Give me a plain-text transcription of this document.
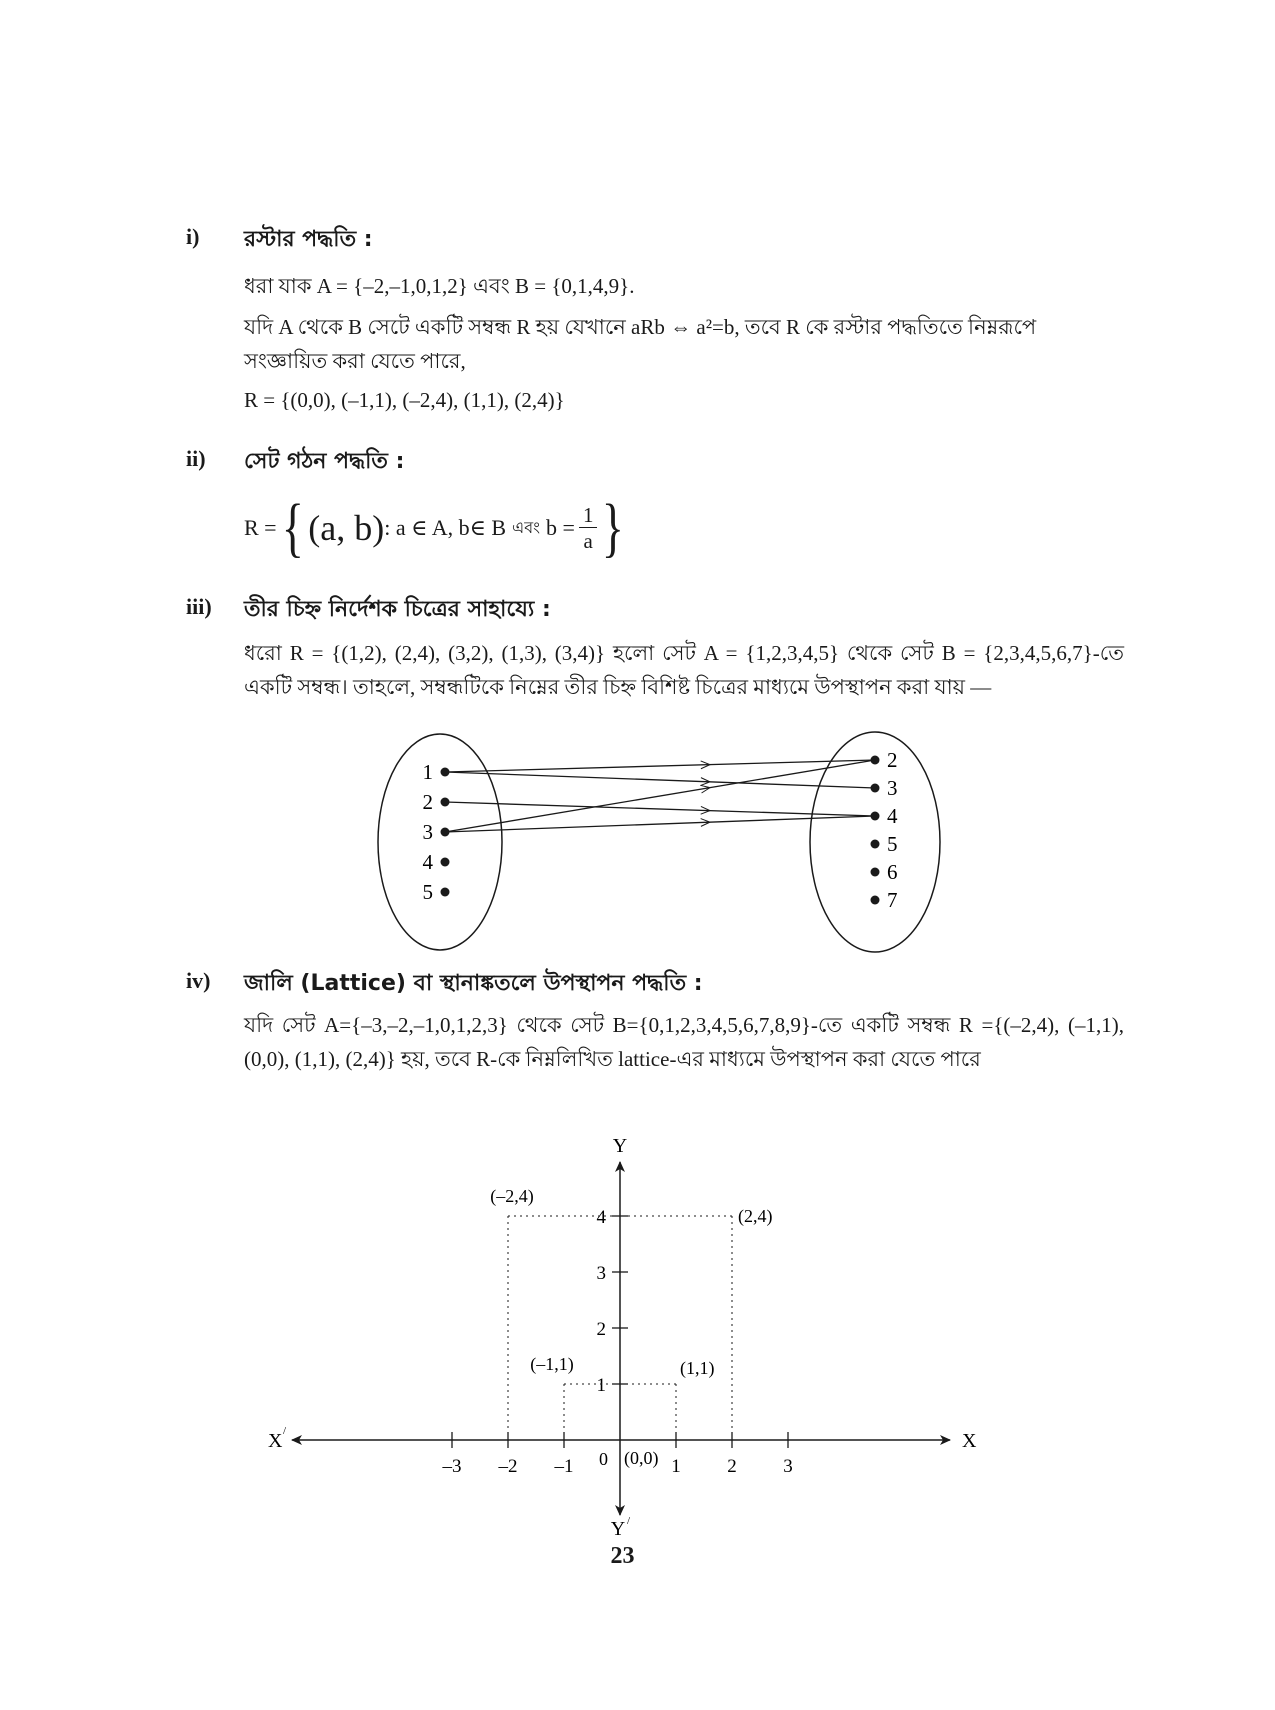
i) রস্টার পদ্ধতি :
ধরা যাক A = {–2,–1,0,1,2} এবং B = {0,1,4,9}.
যদি A থেকে B সেটে একটি সম্বন্ধ R হয় যেখানে aRb ⇔ a²=b, তবে R কে রস্টার পদ্ধতিতে নিম্নরূপে সংজ্ঞায়িত করা যেতে পারে,
R = {(0,0), (–1,1), (–2,4), (1,1), (2,4)}
ii) সেট গঠন পদ্ধতি :
R = { (a, b) : a ∈ A, b∈ B এবং $b = \frac{1}{a}$ }
iii) তীর চিহ্ন নির্দেশক চিত্রের সাহায্যে :
ধরো R = {(1,2), (2,4), (3,2), (1,3), (3,4)} হলো সেট A = {1,2,3,4,5} থেকে সেট B = {2,3,4,5,6,7}-তে একটি সম্বন্ধ। তাহলে, সম্বন্ধটিকে নিম্নের তীর চিহ্ন বিশিষ্ট চিত্রের মাধ্যমে উপস্থাপন করা যায় —
1
2
3
4
5
2
3
4
5
6
7
iv) জালি (Lattice) বা স্থানাঙ্কতলে উপস্থাপন পদ্ধতি :
যদি সেট A={–3,–2,–1,0,1,2,3} থেকে সেট B={0,1,2,3,4,5,6,7,8,9}-তে একটি সম্বন্ধ R ={(–2,4), (–1,1), (0,0), (1,1), (2,4)} হয়, তবে R-কে নিম্নলিখিত lattice-এর মাধ্যমে উপস্থাপন করা যেতে পারে
X
X /
Y
Y /
–3 –2 –1	1 2 3
1
2
3
4
0
(–2,4)
(2,4)
(–1,1)	(1,1)
(0,0)
23
